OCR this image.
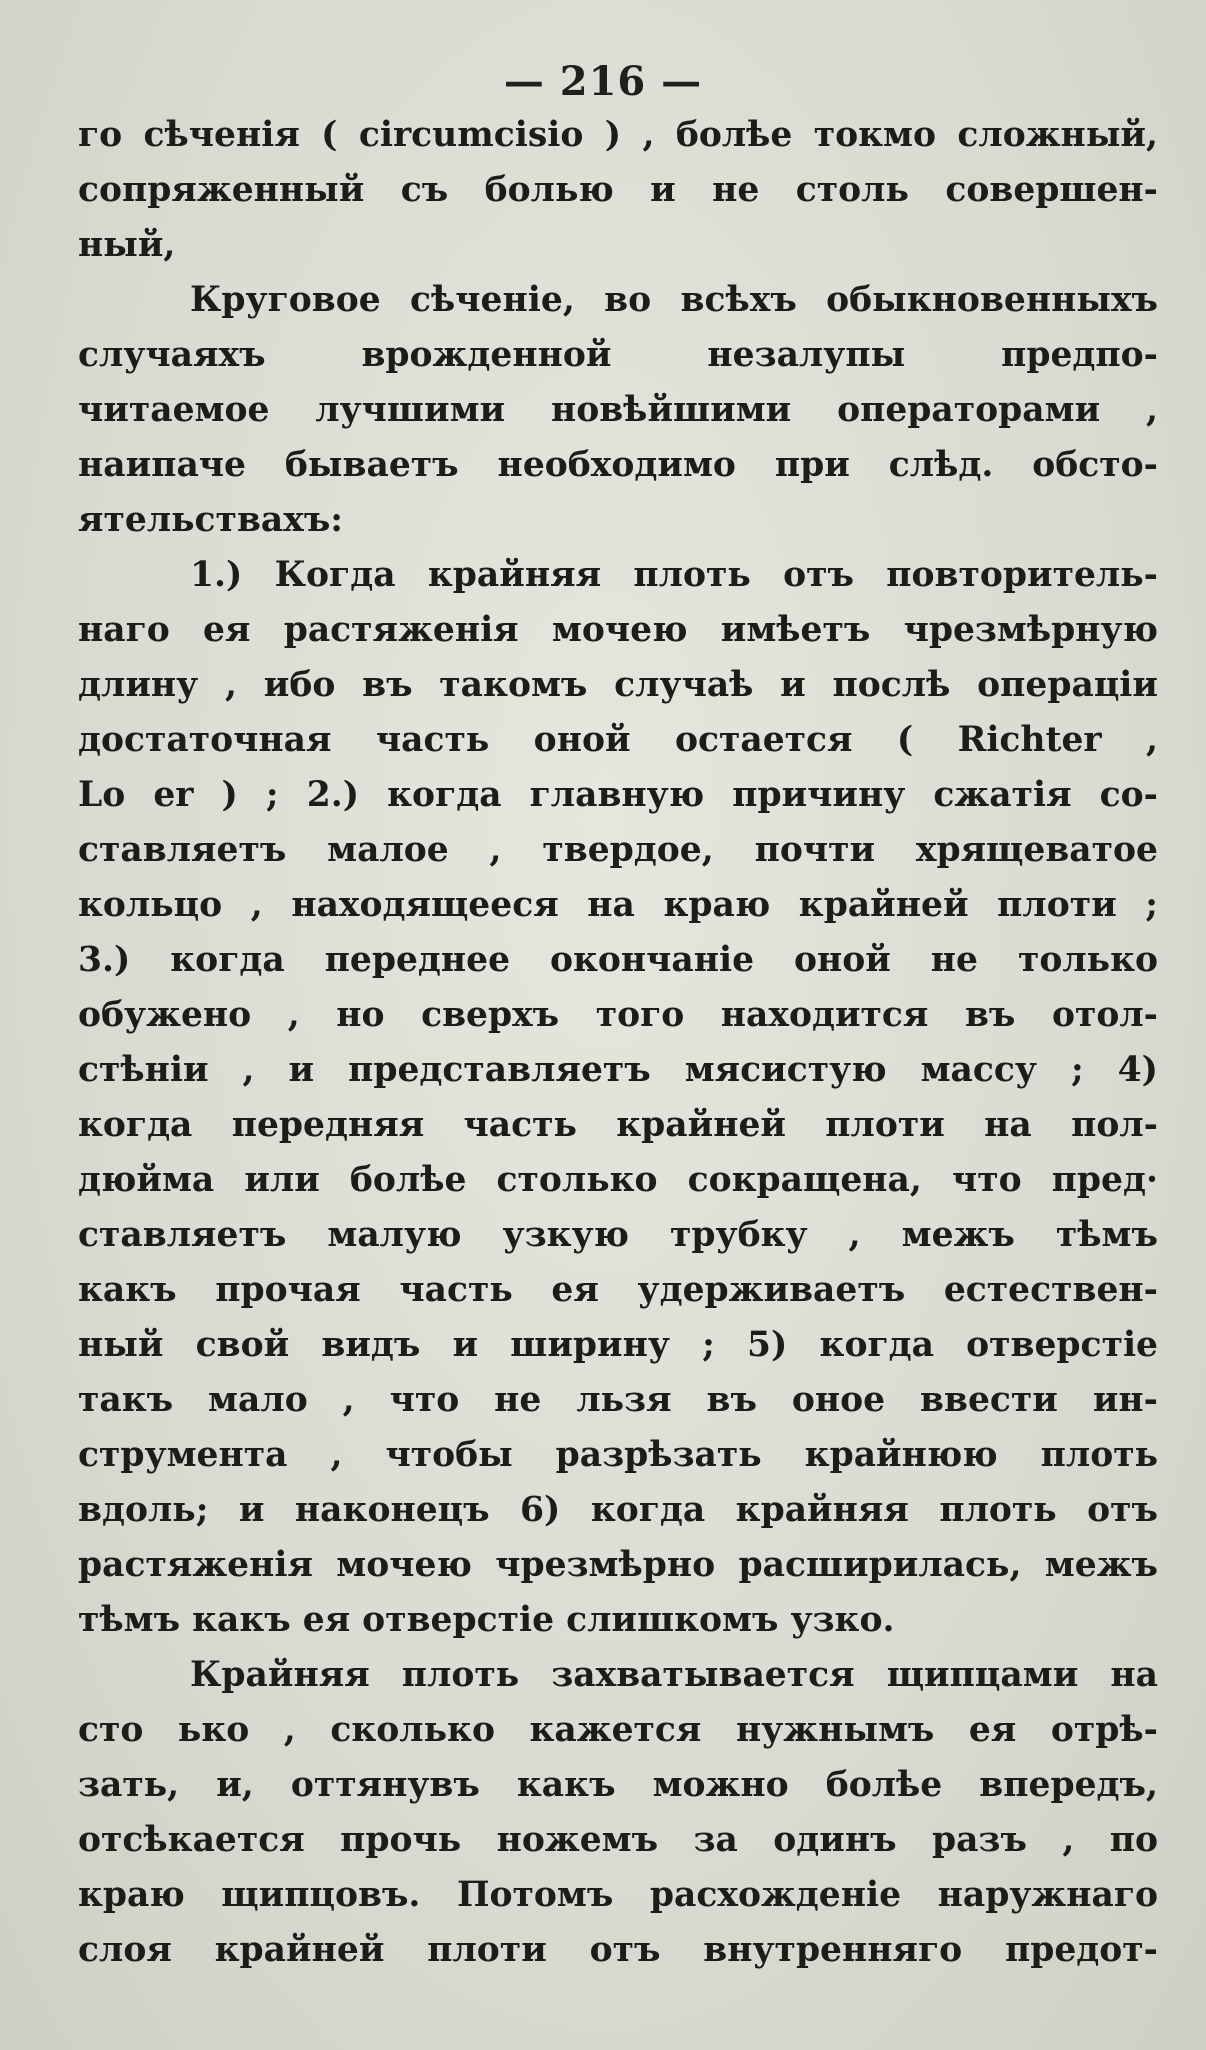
— 216 —
го сѣченія ( circumcisio ) , болѣе токмо сложный,
сопряженный съ болью и не столь совершен-
ный,
Круговое сѣченіе, во всѣхъ обыкновенныхъ
случаяхъ врожденной незалупы предпо-
читаемое лучшими новѣйшими операторами ,
наипаче бываетъ необходимо при слѣд. обсто-
ятельствахъ:
1.) Когда крайняя плоть отъ повторитель-
наго ея растяженія мочею имѣетъ чрезмѣрную
длину , ибо въ такомъ случаѣ и послѣ операціи
достаточная часть оной остается ( Richter ,
Lo er ) ; 2.) когда главную причину сжатія со-
ставляетъ малое , твердое, почти хрящеватое
кольцо , находящееся на краю крайней плоти ;
3.) когда переднее окончаніе оной не только
обужено , но сверхъ того находится въ отол-
стѣніи , и представляетъ мясистую массу ; 4)
когда передняя часть крайней плоти на пол-
дюйма или болѣе столько сокращена, что пред·
ставляетъ малую узкую трубку , межъ тѣмъ
какъ прочая часть ея удерживаетъ естествен-
ный свой видъ и ширину ; 5) когда отверстіе
такъ мало , что не льзя въ оное ввести ин-
струмента , чтобы разрѣзать крайнюю плоть
вдоль; и наконецъ 6) когда крайняя плоть отъ
растяженія мочею чрезмѣрно расширилась, межъ
тѣмъ какъ ея отверстіе слишкомъ узко.
Крайняя плоть захватывается щипцами на
сто ько , сколько кажется нужнымъ ея отрѣ-
зать, и, оттянувъ какъ можно болѣе впередъ,
отсѣкается прочь ножемъ за одинъ разъ , по
краю щипцовъ. Потомъ расхожденіе наружнаго
слоя крайней плоти отъ внутренняго предот-
